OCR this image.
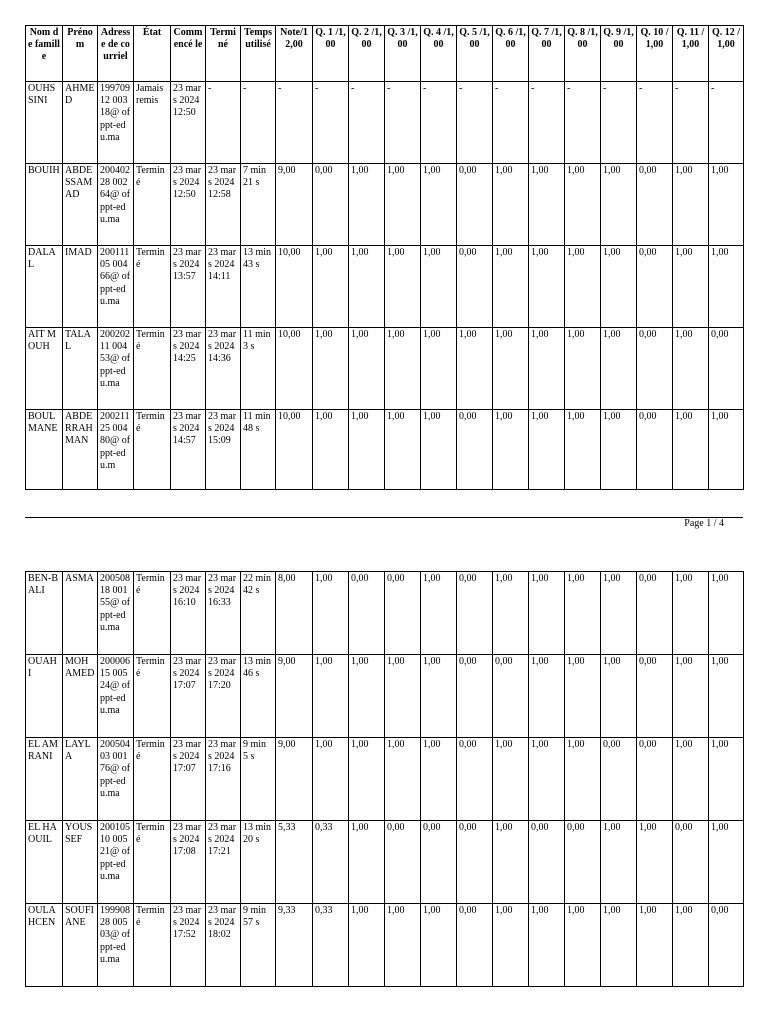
Nom de famille	Prénom	Adresse de courriel	État	Commencé le	Terminé	Temps utilisé	Note/12,00	Q. 1 /1,00	Q. 2 /1,00	Q. 3 /1,00	Q. 4 /1,00	Q. 5 /1,00	Q. 6 /1,00	Q. 7 /1,00	Q. 8 /1,00	Q. 9 /1,00	Q. 10 /1,00	Q. 11 /1,00	Q. 12 /1,00
OUHSSINI	AHMED	19970912 00318@ ofppt-edu.ma	Jamais remis	23 mars 2024 12:50	-	-	-	-	-	-	-	-	-	-	-	-	-	-	-
BOUIH	ABDESSAMAD	20040228 00264@ ofppt-edu.ma	Terminé	23 mars 2024 12:50	23 mars 2024 12:58	7 min 21 s	9,00	0,00	1,00	1,00	1,00	0,00	1,00	1,00	1,00	1,00	0,00	1,00	1,00
DALAL	IMAD	20011105 00466@ ofppt-edu.ma	Terminé	23 mars 2024 13:57	23 mars 2024 14:11	13 min 43 s	10,00	1,00	1,00	1,00	1,00	0,00	1,00	1,00	1,00	1,00	0,00	1,00	1,00
AIT MOUH	TALAL	20020211 00453@ ofppt-edu.ma	Terminé	23 mars 2024 14:25	23 mars 2024 14:36	11 min 3 s	10,00	1,00	1,00	1,00	1,00	1,00	1,00	1,00	1,00	1,00	0,00	1,00	0,00
BOULMANE	ABDERRAHMAN	20021125 00480@ ofppt-edu.m	Terminé	23 mars 2024 14:57	23 mars 2024 15:09	11 min 48 s	10,00	1,00	1,00	1,00	1,00	0,00	1,00	1,00	1,00	1,00	0,00	1,00	1,00
Page 1 / 4
BEN-BALI	ASMA	20050818 00155@ ofppt-edu.ma	Terminé	23 mars 2024 16:10	23 mars 2024 16:33	22 min 42 s	8,00	1,00	0,00	0,00	1,00	0,00	1,00	1,00	1,00	1,00	0,00	1,00	1,00
OUAHI	MOHAMED	20000615 00524@ ofppt-edu.ma	Terminé	23 mars 2024 17:07	23 mars 2024 17:20	13 min 46 s	9,00	1,00	1,00	1,00	1,00	0,00	0,00	1,00	1,00	1,00	0,00	1,00	1,00
EL AMRANI	LAYLA	20050403 00176@ ofppt-edu.ma	Terminé	23 mars 2024 17:07	23 mars 2024 17:16	9 min 5 s	9,00	1,00	1,00	1,00	1,00	0,00	1,00	1,00	1,00	0,00	0,00	1,00	1,00
EL HAOUIL	YOUSSEF	20010510 00521@ ofppt-edu.ma	Terminé	23 mars 2024 17:08	23 mars 2024 17:21	13 min 20 s	5,33	0,33	1,00	0,00	0,00	0,00	1,00	0,00	0,00	1,00	1,00	0,00	1,00
OULAHCEN	SOUFIANE	19990828 00503@ ofppt-edu.ma	Terminé	23 mars 2024 17:52	23 mars 2024 18:02	9 min 57 s	9,33	0,33	1,00	1,00	1,00	0,00	1,00	1,00	1,00	1,00	1,00	1,00	0,00
